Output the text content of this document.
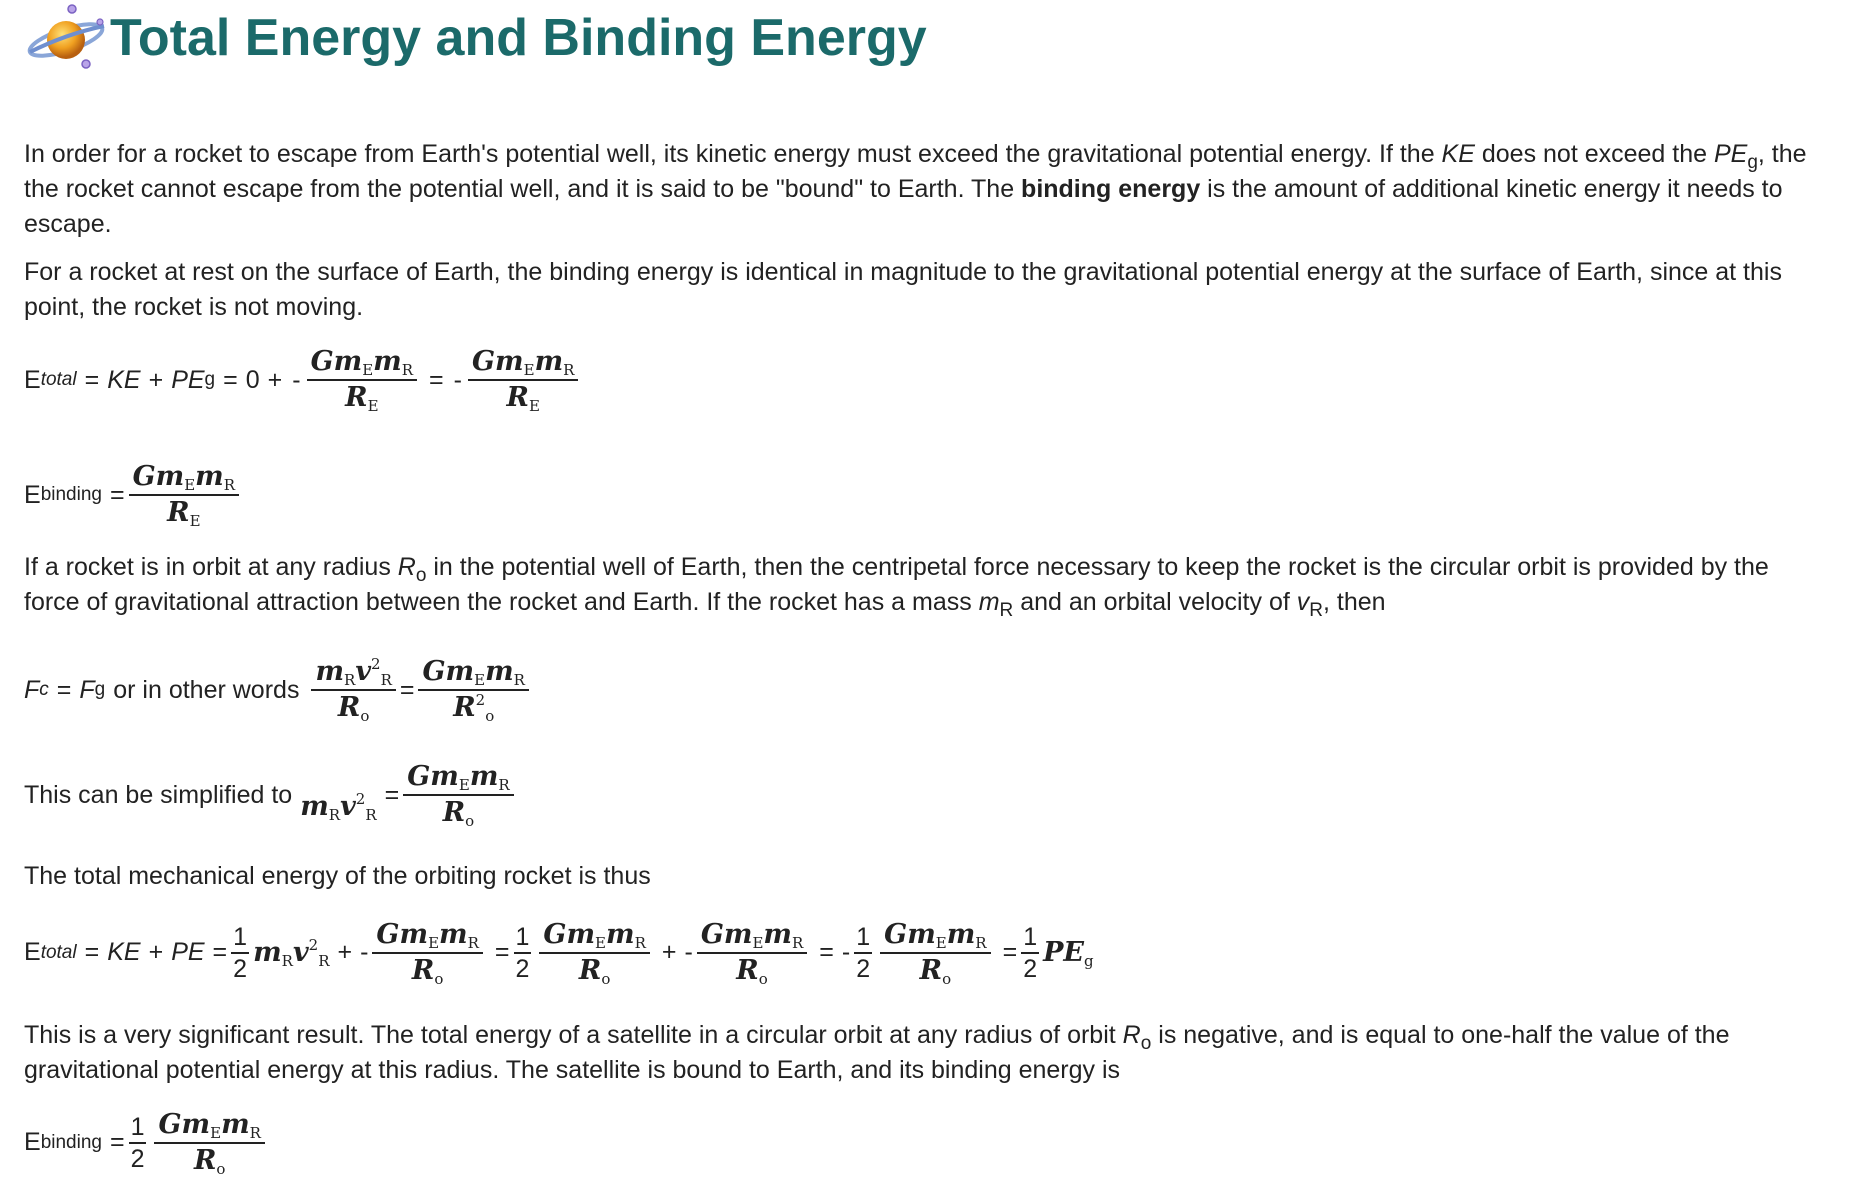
Total Energy and Binding Energy

In order for a rocket to escape from Earth's potential well, its kinetic energy must exceed the gravitational potential energy. If the KE does not exceed the $PE_g$, the the rocket cannot escape from the potential well, and it is said to be "bound" to Earth. The binding energy is the amount of additional kinetic energy it needs to escape.

For a rocket at rest on the surface of Earth, the binding energy is identical in magnitude to the gravitational potential energy at the surface of Earth, since at this point, the rocket is not moving.

E total = KE + PE g = 0 + - $\frac{\text{GmEmR}}{RE}$ = - $\frac{\text{GmEmR}}{RE}$
E binding = $\frac{\text{GmEmR}}{RE}$

If a rocket is in orbit at any radius $R_o$ in the potential well of Earth, then the centripetal force necessary to keep the rocket is the circular orbit is provided by the force of gravitational attraction between the rocket and Earth. If the rocket has a mass $m_R$ and an orbital velocity of $v_R$, then

F c = F g or in other words $\frac{mRv^2R}{Ro} = \frac{\text{GmEmR}}{R^2o}$
This can be simplified to mRv$^2$R
= $\frac{\text{GmEmR}}{Ro}$

The total mechanical energy of the orbiting rocket is thus

E total = KE + PE = $\frac{1}{2} mRv^2R$ + - $\frac{\text{GmEmR}}{Ro} = \frac{1}{2} \frac{\text{GmEmR}}{Ro}$ + - $\frac{\text{GmEmR}}{Ro}$ = - $\frac{1}{2} \frac{\text{GmEmR}}{Ro} = \frac{1}{2}$ PEg

This is a very significant result. The total energy of a satellite in a circular orbit at any radius of orbit $R_o$ is negative, and is equal to one-half the value of the gravitational potential energy at this radius. The satellite is bound to Earth, and its binding energy is

E binding = $\frac{1}{2} \frac{\text{GmEmR}}{Ro}$
